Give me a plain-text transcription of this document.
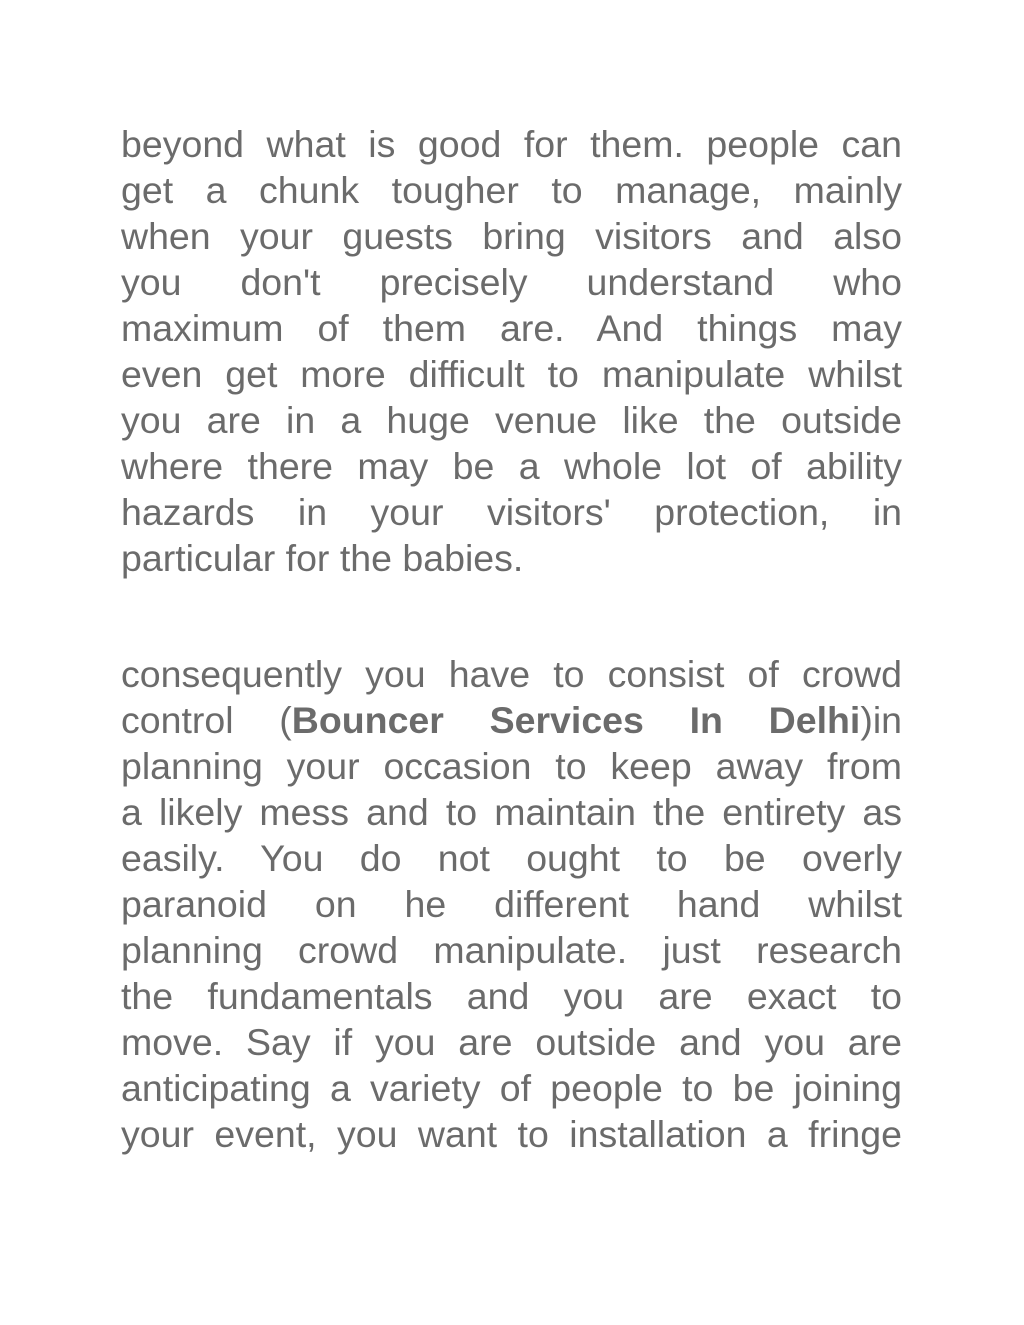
beyond what is good for them. people can
get a chunk tougher to manage, mainly
when your guests bring visitors and also
you don't precisely understand who
maximum of them are. And things may
even get more difficult to manipulate whilst
you are in a huge venue like the outside
where there may be a whole lot of ability
hazards in your visitors' protection, in
particular for the babies.
consequently you have to consist of crowd
control (Bouncer Services In Delhi)in
planning your occasion to keep away from
a likely mess and to maintain the entirety as
easily. You do not ought to be overly
paranoid on he different hand whilst
planning crowd manipulate. just research
the fundamentals and you are exact to
move. Say if you are outside and you are
anticipating a variety of people to be joining
your event, you want to installation a fringe
